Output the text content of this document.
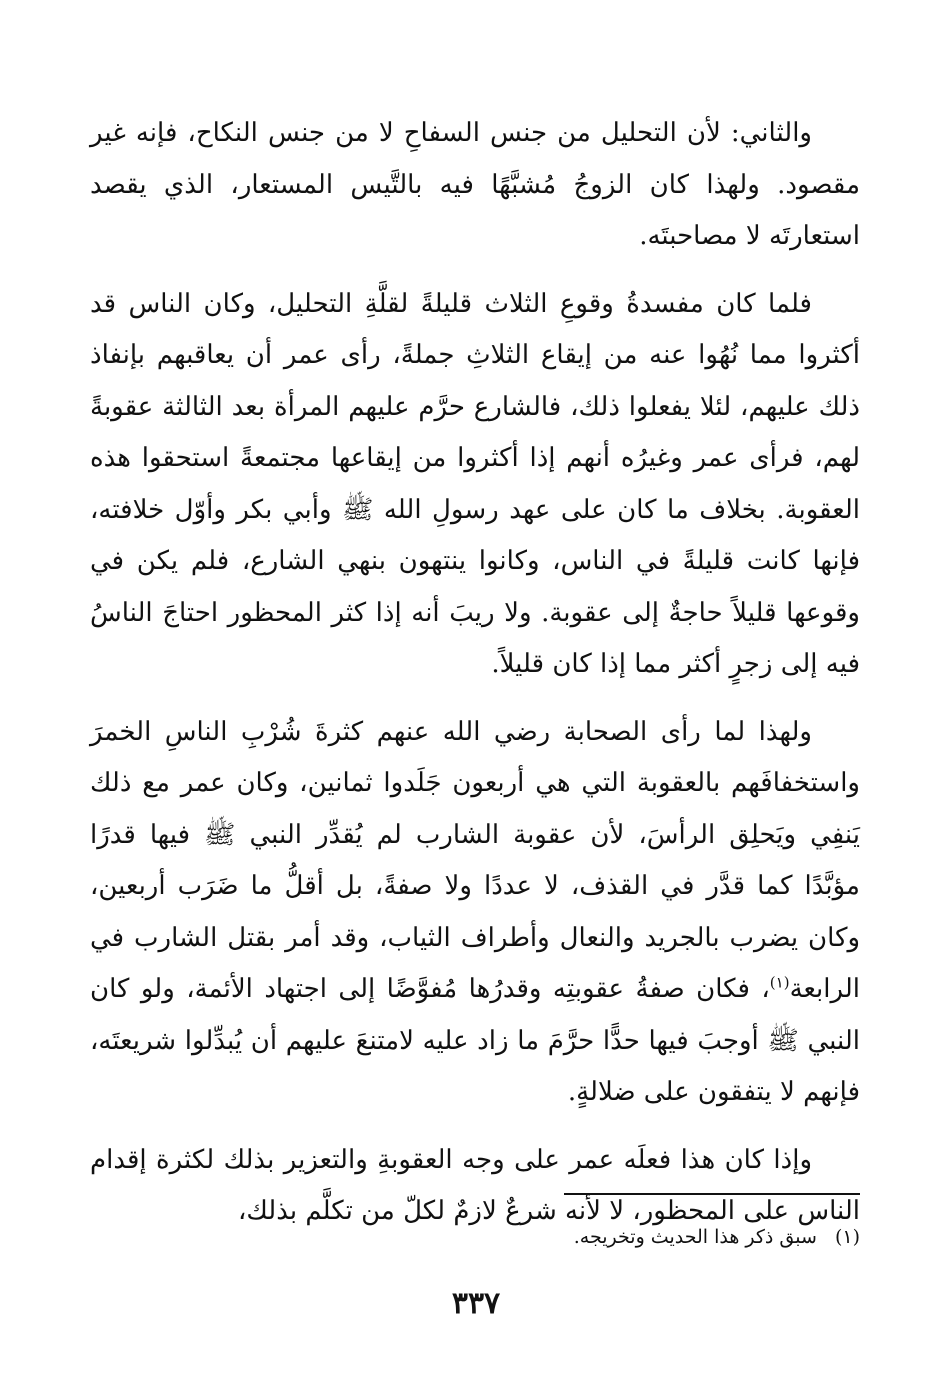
والثاني: لأن التحليل من جنس السفاحِ لا من جنس النكاح، فإنه غير مقصود. ولهذا كان الزوجُ مُشبَّهًا فيه بالتَّيس المستعار، الذي يقصد استعارتَه لا مصاحبتَه.

فلما كان مفسدةُ وقوعِ الثلاث قليلةً لقلَّةِ التحليل، وكان الناس قد أكثروا مما نُهُوا عنه من إيقاع الثلاثِ جملةً، رأى عمر أن يعاقبهم بإنفاذ ذلك عليهم، لئلا يفعلوا ذلك، فالشارع حرَّم عليهم المرأة بعد الثالثة عقوبةً لهم، فرأى عمر وغيرُه أنهم إذا أكثروا من إيقاعها مجتمعةً استحقوا هذه العقوبة. بخلاف ما كان على عهد رسولِ الله ﷺ وأبي بكر وأوّل خلافته، فإنها كانت قليلةً في الناس، وكانوا ينتهون بنهي الشارع، فلم يكن في وقوعها قليلاً حاجةٌ إلى عقوبة. ولا ريبَ أنه إذا كثر المحظور احتاجَ الناسُ فيه إلى زجرٍ أكثر مما إذا كان قليلاً.

ولهذا لما رأى الصحابة رضي الله عنهم كثرةَ شُرْبِ الناسِ الخمرَ واستخفافَهم بالعقوبة التي هي أربعون جَلَدوا ثمانين، وكان عمر مع ذلك يَنفِي ويَحلِق الرأسَ، لأن عقوبة الشارب لم يُقدِّر النبي ﷺ فيها قدرًا مؤبَّدًا كما قدَّر في القذف، لا عددًا ولا صفةً، بل أقلُّ ما ضَرَب أربعين، وكان يضرب بالجريد والنعال وأطراف الثياب، وقد أمر بقتل الشارب في الرابعة$^{(١)}$، فكان صفةُ عقوبتِه وقدرُها مُفوَّضًا إلى اجتهاد الأئمة، ولو كان النبي ﷺ أوجبَ فيها حدًّا حرَّمَ ما زاد عليه لامتنعَ عليهم أن يُبدِّلوا شريعتَه، فإنهم لا يتفقون على ضلالةٍ.

وإذا كان هذا فعلَه عمر على وجه العقوبةِ والتعزير بذلك لكثرة إقدام الناس على المحظور، لا لأنه شرعٌ لازمٌ لكلّ من تكلَّم بذلك،

(١)سبق ذكر هذا الحديث وتخريجه.
٣٣٧
